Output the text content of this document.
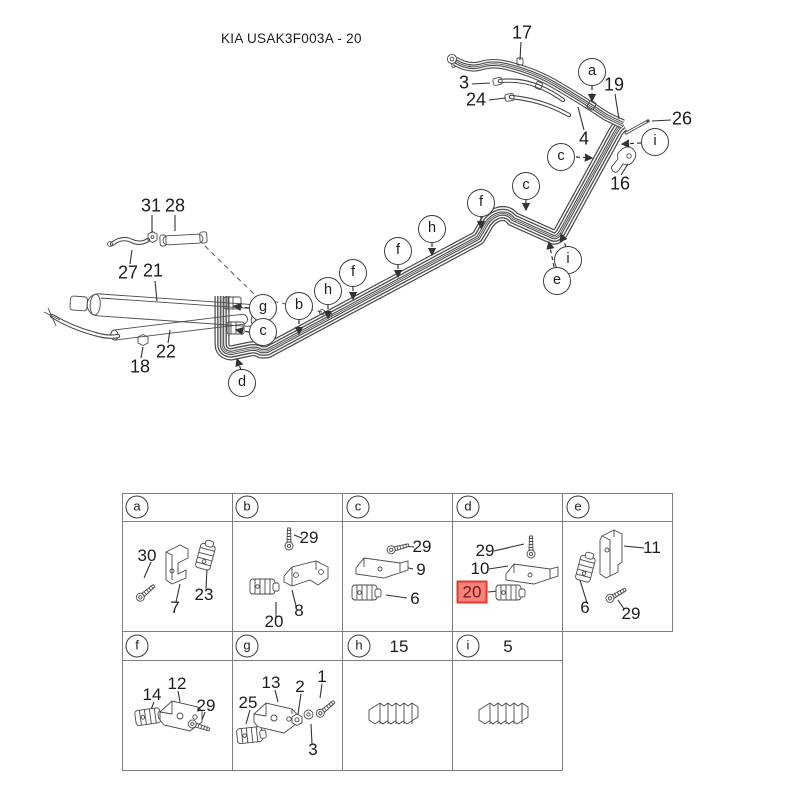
KIA USAK3F003A - 20
a
c
i
c
f
h
f
f
h
b
i
e
g
c
d
17
3
24
19
26
4
16
31 28
27 21
22
18
a
30
7
23
b
29
8
20
c
29
9
6
d
29
10
20
e
11
6 29
f
14
12
29
g
13 2
1
25
3
h	15	i	5
